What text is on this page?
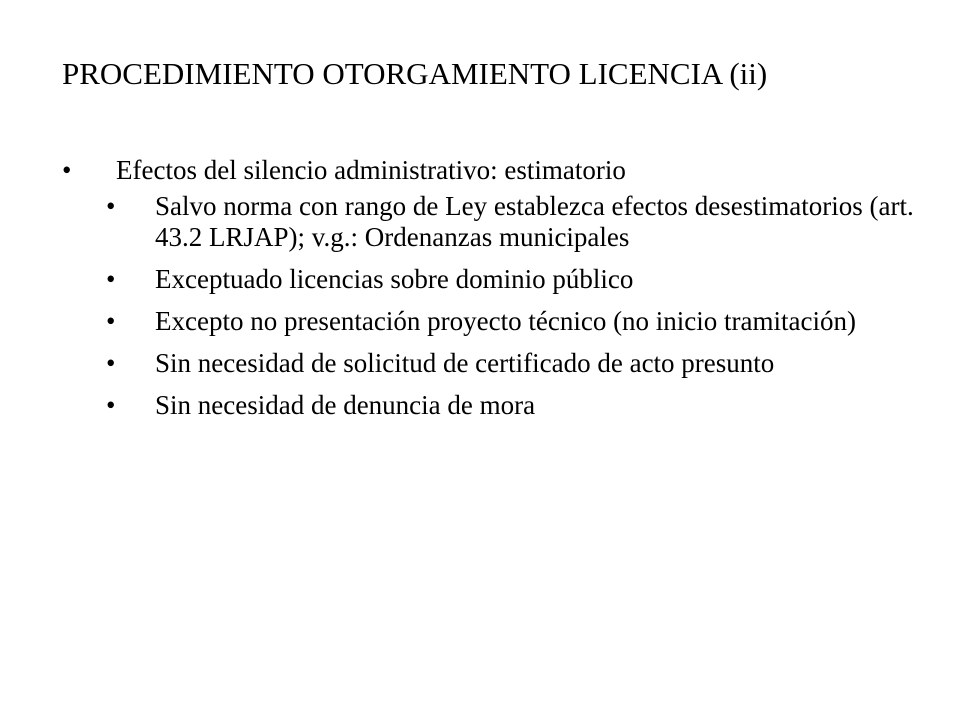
PROCEDIMIENTO OTORGAMIENTO LICENCIA (ii)
• Efectos del silencio administrativo: estimatorio
• Salvo norma con rango de Ley establezca efectos desestimatorios (art. 43.2 LRJAP); v.g.: Ordenanzas municipales
• Exceptuado licencias sobre dominio público
• Excepto no presentación proyecto técnico (no inicio tramitación)
• Sin necesidad de solicitud de certificado de acto presunto
• Sin necesidad de denuncia de mora
